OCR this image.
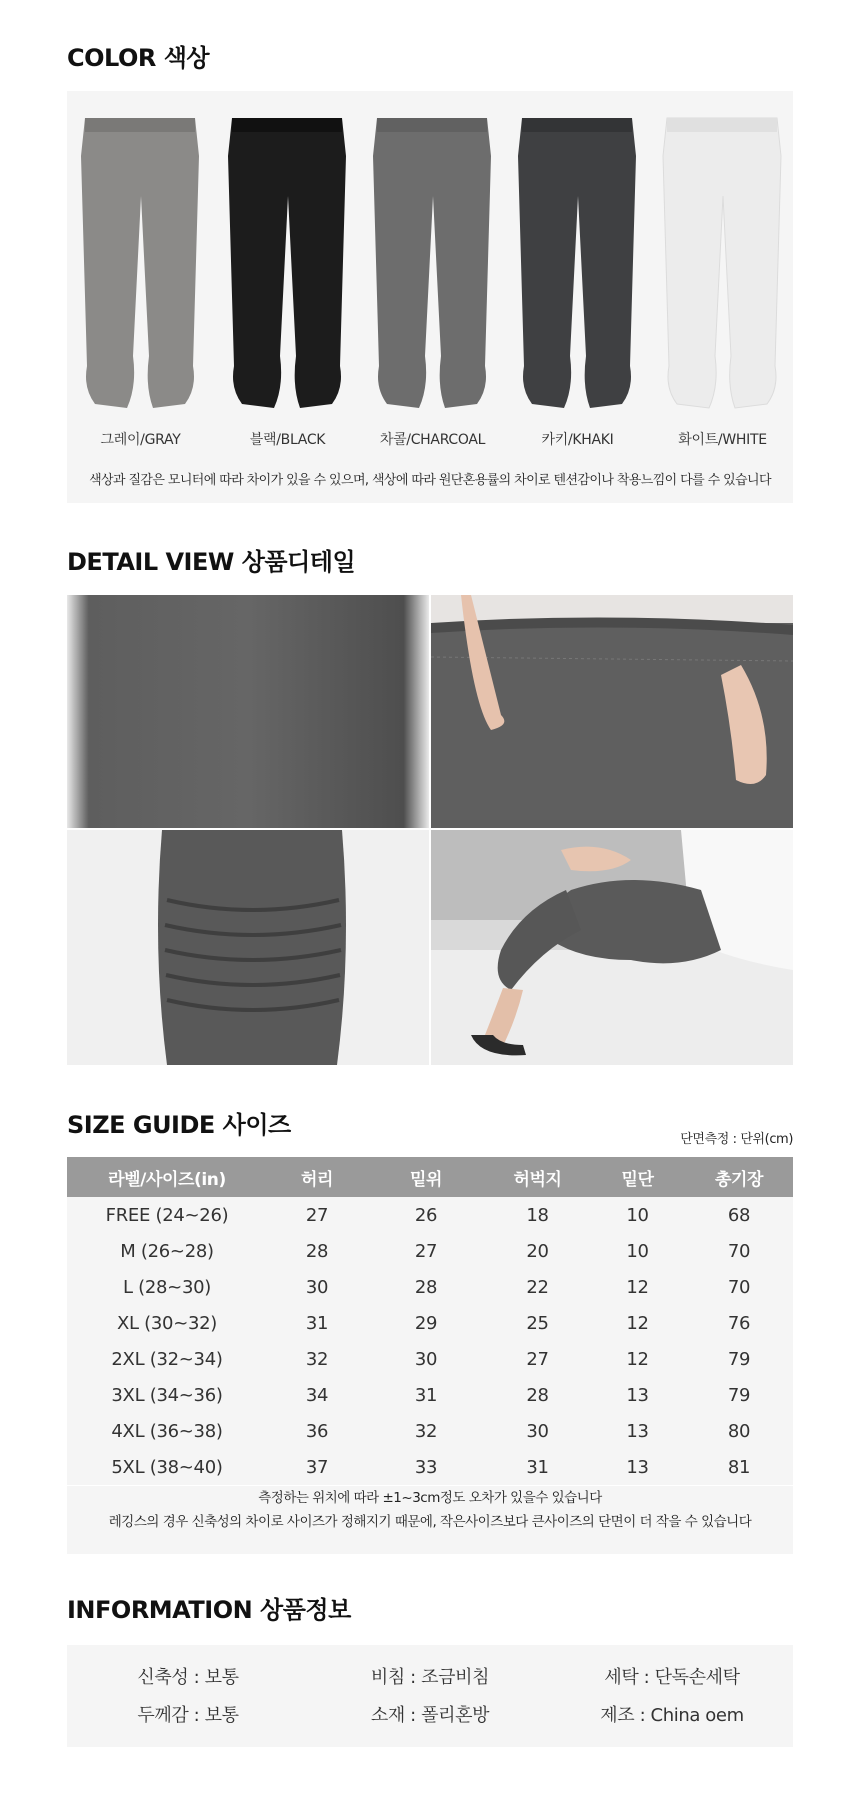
COLOR 색상
그레이/GRAY	블랙/BLACK	차콜/CHARCOAL	카키/KHAKI	화이트/WHITE
색상과 질감은 모니터에 따라 차이가 있을 수 있으며, 색상에 따라 원단혼용률의 차이로 텐션감이나 착용느낌이 다를 수 있습니다
DETAIL VIEW 상품디테일
SIZE GUIDE 사이즈
단면측정 : 단위(cm)
라벨/사이즈(in)	허리	밑위	허벅지	밑단	총기장
FREE (24~26)	27	26	18	10	68
M (26~28)	28	27	20	10	70
L (28~30)	30	28	22	12	70
XL (30~32)	31	29	25	12	76
2XL (32~34)	32	30	27	12	79
3XL (34~36)	34	31	28	13	79
4XL (36~38)	36	32	30	13	80
5XL (38~40)	37	33	31	13	81
측정하는 위치에 따라 ±1~3cm정도 오차가 있을수 있습니다
레깅스의 경우 신축성의 차이로 사이즈가 정해지기 때문에, 작은사이즈보다 큰사이즈의 단면이 더 작을 수 있습니다
INFORMATION 상품정보
신축성 : 보통	비침 : 조금비침	세탁 : 단독손세탁
두께감 : 보통	소재 : 폴리혼방	제조 : China oem
